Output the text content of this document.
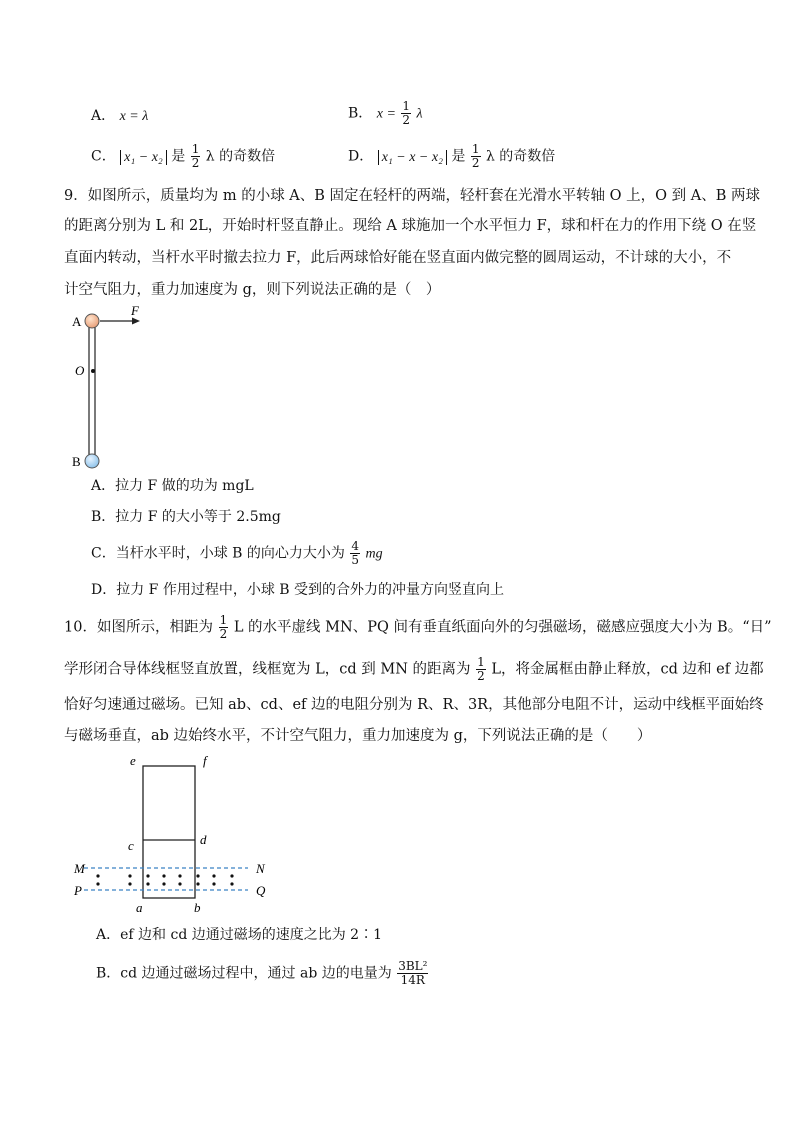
A． x = λ	B． $x = \frac{1}{2}$ λ
C． x₁ − x₂ 是 $\frac{1}{2}$ λ 的奇数倍	D． x₁ − x − x₂ 是 $\frac{1}{2}$ λ 的奇数倍
9．如图所示，质量均为 m 的小球 A、B 固定在轻杆的两端，轻杆套在光滑水平转轴 O 上，O 到 A、B 两球
的距离分别为 L 和 2L，开始时杆竖直静止。现给 A 球施加一个水平恒力 F，球和杆在力的作用下绕 O 在竖
直面内转动，当杆水平时撤去拉力 F，此后两球恰好能在竖直面内做完整的圆周运动，不计球的大小，不
计空气阻力，重力加速度为 g，则下列说法正确的是（　）
A
F
O
B
A．拉力 F 做的功为 mgL
B．拉力 F 的大小等于 2.5mg
C．当杆水平时，小球 B 的向心力大小为 $\frac{4}{5}$ mg
D．拉力 F 作用过程中，小球 B 受到的合外力的冲量方向竖直向上
10．如图所示，相距为 $\frac{1}{2}$ L 的水平虚线 MN、PQ 间有垂直纸面向外的匀强磁场，磁感应强度大小为 B。“日”
学形闭合导体线框竖直放置，线框宽为 L，cd 到 MN 的距离为 $\frac{1}{2}$ L，将金属框由静止释放，cd 边和 ef 边都
恰好匀速通过磁场。已知 ab、cd、ef 边的电阻分别为 R、R、3R，其他部分电阻不计，运动中线框平面始终
与磁场垂直，ab 边始终水平，不计空气阻力，重力加速度为 g，下列说法正确的是（　　）
e	f
c	d
M	N
P	Q
a	b
A．ef 边和 cd 边通过磁场的速度之比为 2∶1
B．cd 边通过磁场过程中，通过 ab 边的电量为 $\frac{\text{3BL²}}{14R}$
